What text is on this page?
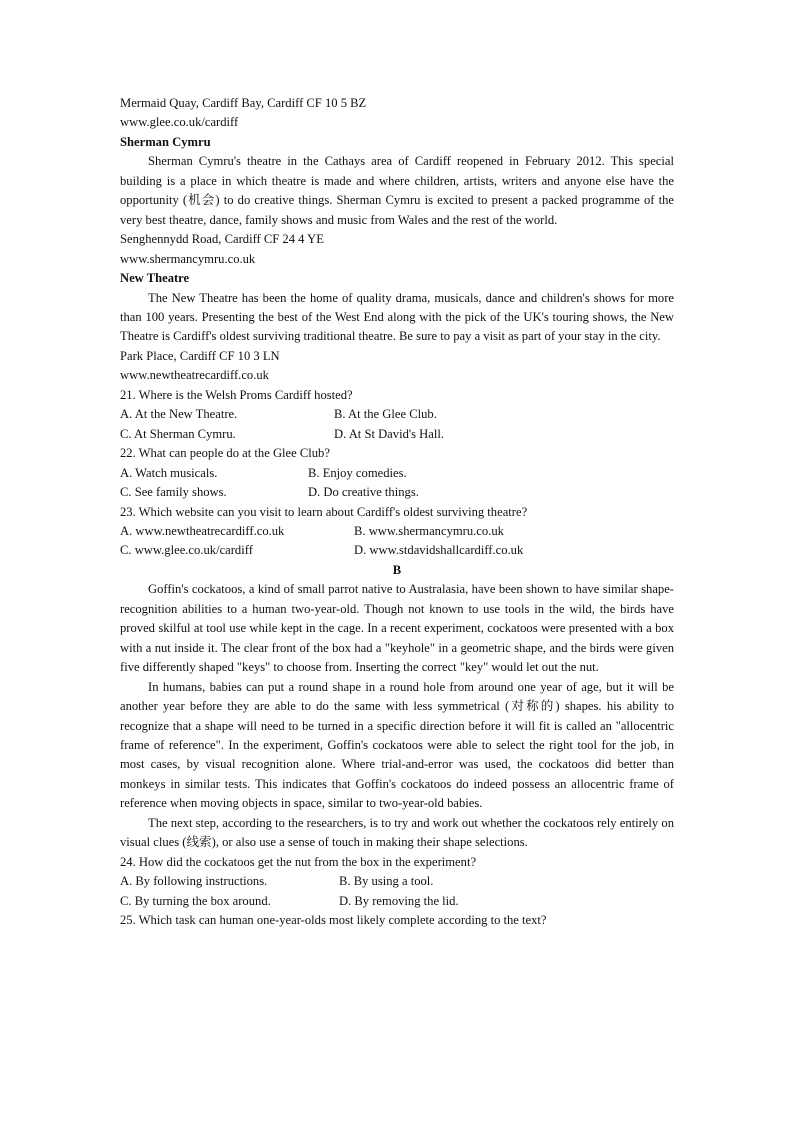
Mermaid Quay, Cardiff Bay, Cardiff CF 10 5 BZ

www.glee.co.uk/cardiff

Sherman Cymru

Sherman Cymru's theatre in the Cathays area of Cardiff reopened in February 2012. This special building is a place in which theatre is made and where children, artists, writers and anyone else have the opportunity (机会) to do creative things. Sherman Cymru is excited to present a packed programme of the very best theatre, dance, family shows and music from Wales and the rest of the world.

Senghennydd Road, Cardiff CF 24 4 YE

www.shermancymru.co.uk

New Theatre

The New Theatre has been the home of quality drama, musicals, dance and children's shows for more than 100 years. Presenting the best of the West End along with the pick of the UK's touring shows, the New Theatre is Cardiff's oldest surviving traditional theatre. Be sure to pay a visit as part of your stay in the city.

Park Place, Cardiff CF 10 3 LN

www.newtheatrecardiff.co.uk

21. Where is the Welsh Proms Cardiff hosted?

A. At the New Theatre.	B. At the Glee Club.
C. At Sherman Cymru.	D. At St David's Hall.

22. What can people do at the Glee Club?

A. Watch musicals.	B. Enjoy comedies.
C. See family shows.	D. Do creative things.

23. Which website can you visit to learn about Cardiff's oldest surviving theatre?

A. www.newtheatrecardiff.co.uk	B. www.shermancymru.co.uk
C. www.glee.co.uk/cardiff	D. www.stdavidshallcardiff.co.uk

B

Goffin's cockatoos, a kind of small parrot native to Australasia, have been shown to have similar shape-recognition abilities to a human two-year-old. Though not known to use tools in the wild, the birds have proved skilful at tool use while kept in the cage. In a recent experiment, cockatoos were presented with a box with a nut inside it. The clear front of the box had a "keyhole" in a geometric shape, and the birds were given five differently shaped "keys" to choose from. Inserting the correct "key" would let out the nut.

In humans, babies can put a round shape in a round hole from around one year of age, but it will be another year before they are able to do the same with less symmetrical (对称的) shapes. his ability to recognize that a shape will need to be turned in a specific direction before it will fit is called an "allocentric frame of reference". In the experiment, Goffin's cockatoos were able to select the right tool for the job, in most cases, by visual recognition alone. Where trial-and-error was used, the cockatoos did better than monkeys in similar tests. This indicates that Goffin's cockatoos do indeed possess an allocentric frame of reference when moving objects in space, similar to two-year-old babies.

The next step, according to the researchers, is to try and work out whether the cockatoos rely entirely on visual clues (线索), or also use a sense of touch in making their shape selections.

24. How did the cockatoos get the nut from the box in the experiment?

A. By following instructions.	B. By using a tool.
C. By turning the box around.	D. By removing the lid.

25. Which task can human one-year-olds most likely complete according to the text?
